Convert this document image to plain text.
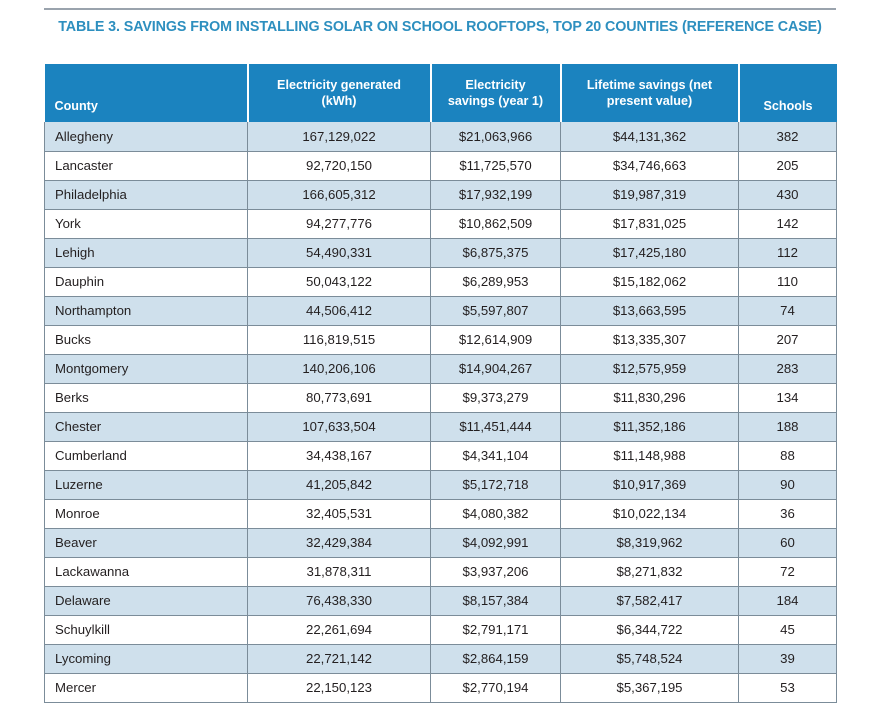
TABLE 3. SAVINGS FROM INSTALLING SOLAR ON SCHOOL ROOFTOPS, TOP 20 COUNTIES (REFERENCE CASE)
County	Electricity generated (kWh)	Electricity savings (year 1)	Lifetime savings (net present value)	Schools
Allegheny	167,129,022	$21,063,966	$44,131,362	382
Lancaster	92,720,150	$11,725,570	$34,746,663	205
Philadelphia	166,605,312	$17,932,199	$19,987,319	430
York	94,277,776	$10,862,509	$17,831,025	142
Lehigh	54,490,331	$6,875,375	$17,425,180	112
Dauphin	50,043,122	$6,289,953	$15,182,062	110
Northampton	44,506,412	$5,597,807	$13,663,595	74
Bucks	116,819,515	$12,614,909	$13,335,307	207
Montgomery	140,206,106	$14,904,267	$12,575,959	283
Berks	80,773,691	$9,373,279	$11,830,296	134
Chester	107,633,504	$11,451,444	$11,352,186	188
Cumberland	34,438,167	$4,341,104	$11,148,988	88
Luzerne	41,205,842	$5,172,718	$10,917,369	90
Monroe	32,405,531	$4,080,382	$10,022,134	36
Beaver	32,429,384	$4,092,991	$8,319,962	60
Lackawanna	31,878,311	$3,937,206	$8,271,832	72
Delaware	76,438,330	$8,157,384	$7,582,417	184
Schuylkill	22,261,694	$2,791,171	$6,344,722	45
Lycoming	22,721,142	$2,864,159	$5,748,524	39
Mercer	22,150,123	$2,770,194	$5,367,195	53
